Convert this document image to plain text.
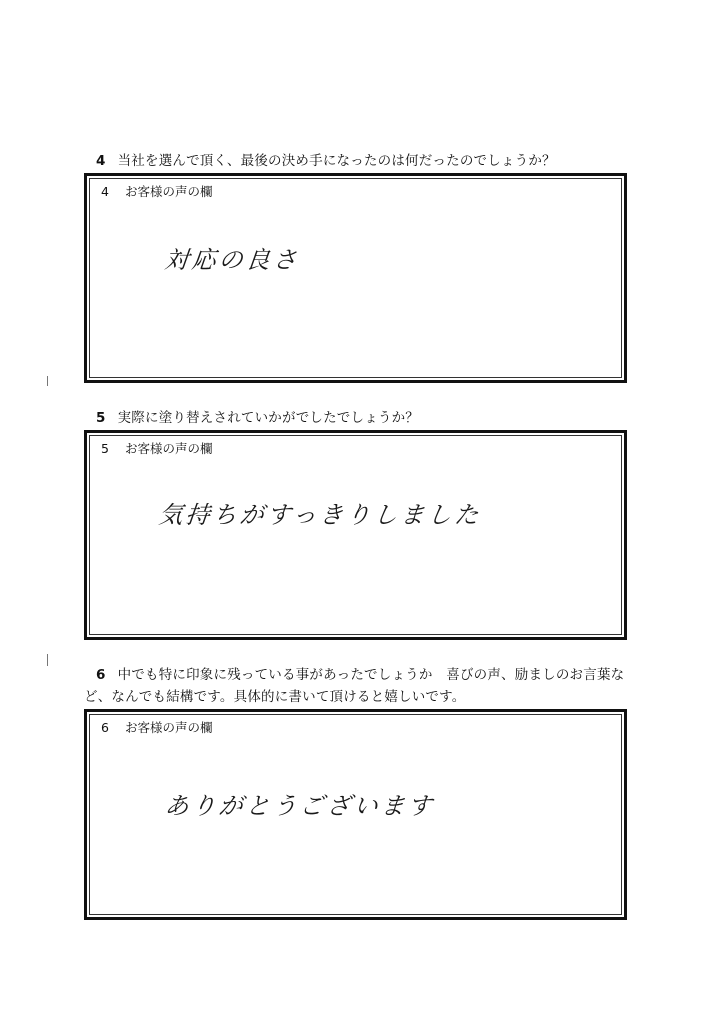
4 当社を選んで頂く、最後の決め手になったのは何だったのでしょうか？
4 お客様の声の欄
対応の良さ
5 実際に塗り替えされていかがでしたでしょうか？
5 お客様の声の欄
気持ちがすっきりしました
6 中でも特に印象に残っている事があったでしょうか　喜びの声、励ましのお言葉など、なんでも結構です。具体的に書いて頂けると嬉しいです。
6 お客様の声の欄
ありがとうございます
